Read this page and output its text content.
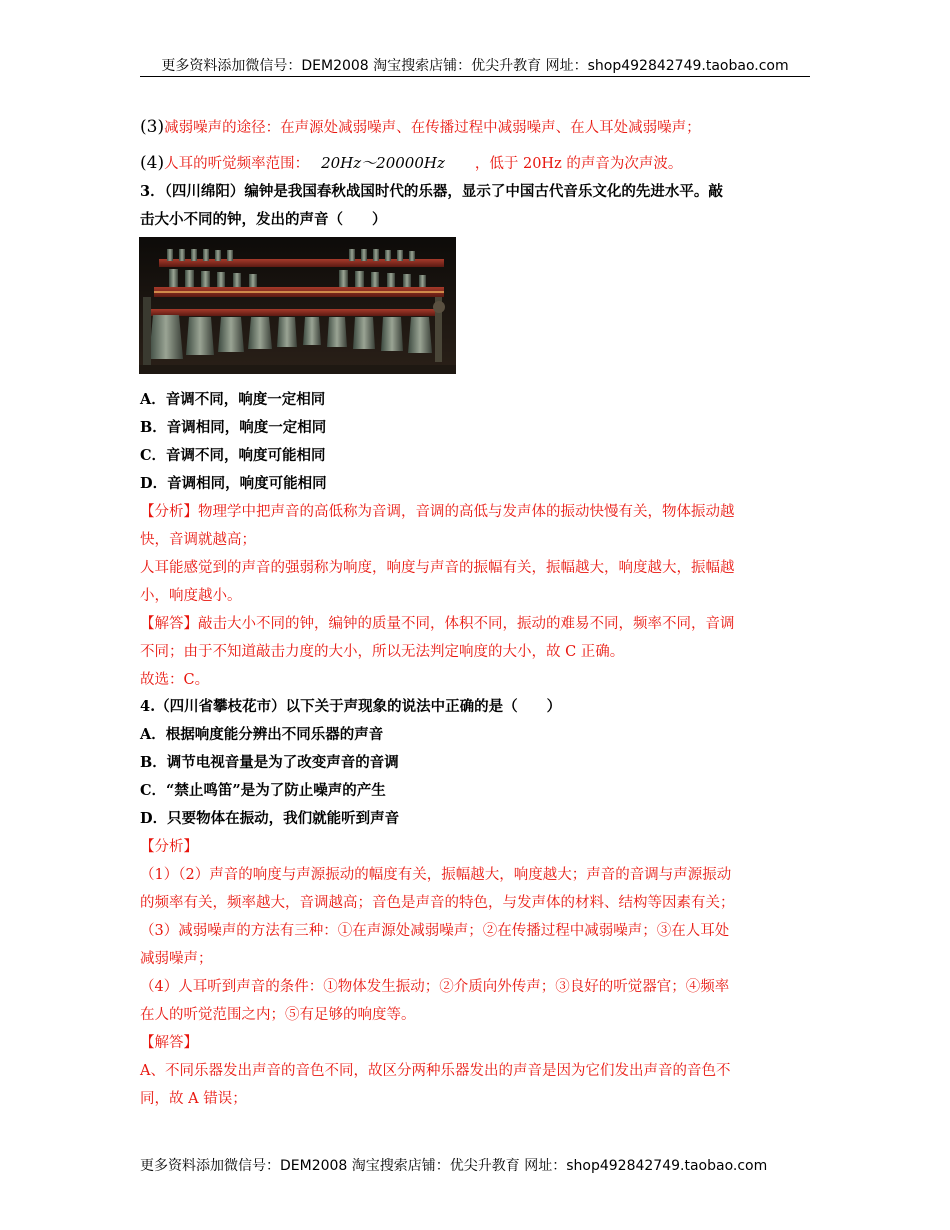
更多资料添加微信号：DEM2008 淘宝搜索店铺：优尖升教育 网址：shop492842749.taobao.com
(3)减弱噪声的途径：在声源处减弱噪声、在传播过程中减弱噪声、在人耳处减弱噪声；
(4)人耳的听觉频率范围： 20Hz～20000Hz ，低于 20Hz 的声音为次声波。
3．（四川绵阳）编钟是我国春秋战国时代的乐器，显示了中国古代音乐文化的先进水平。敲
击大小不同的钟，发出的声音（　　）
A．音调不同，响度一定相同
B．音调相同，响度一定相同
C．音调不同，响度可能相同
D．音调相同，响度可能相同
【分析】物理学中把声音的高低称为音调，音调的高低与发声体的振动快慢有关，物体振动越
快，音调就越高；
人耳能感觉到的声音的强弱称为响度，响度与声音的振幅有关，振幅越大，响度越大，振幅越
小，响度越小。
【解答】敲击大小不同的钟，编钟的质量不同，体积不同，振动的难易不同，频率不同，音调
不同；由于不知道敲击力度的大小，所以无法判定响度的大小，故 C 正确。
故选：C。
4.（四川省攀枝花市）以下关于声现象的说法中正确的是（　　）
A．根据响度能分辨出不同乐器的声音
B．调节电视音量是为了改变声音的音调
C．“禁止鸣笛”是为了防止噪声的产生
D．只要物体在振动，我们就能听到声音
【分析】
（1）（2）声音的响度与声源振动的幅度有关，振幅越大，响度越大；声音的音调与声源振动
的频率有关，频率越大，音调越高；音色是声音的特色，与发声体的材料、结构等因素有关；
（3）减弱噪声的方法有三种：①在声源处减弱噪声；②在传播过程中减弱噪声；③在人耳处
减弱噪声；
（4）人耳听到声音的条件：①物体发生振动；②介质向外传声；③良好的听觉器官；④频率
在人的听觉范围之内；⑤有足够的响度等。
【解答】
A、不同乐器发出声音的音色不同，故区分两种乐器发出的声音是因为它们发出声音的音色不
同，故 A 错误；
更多资料添加微信号：DEM2008 淘宝搜索店铺：优尖升教育 网址：shop492842749.taobao.com
